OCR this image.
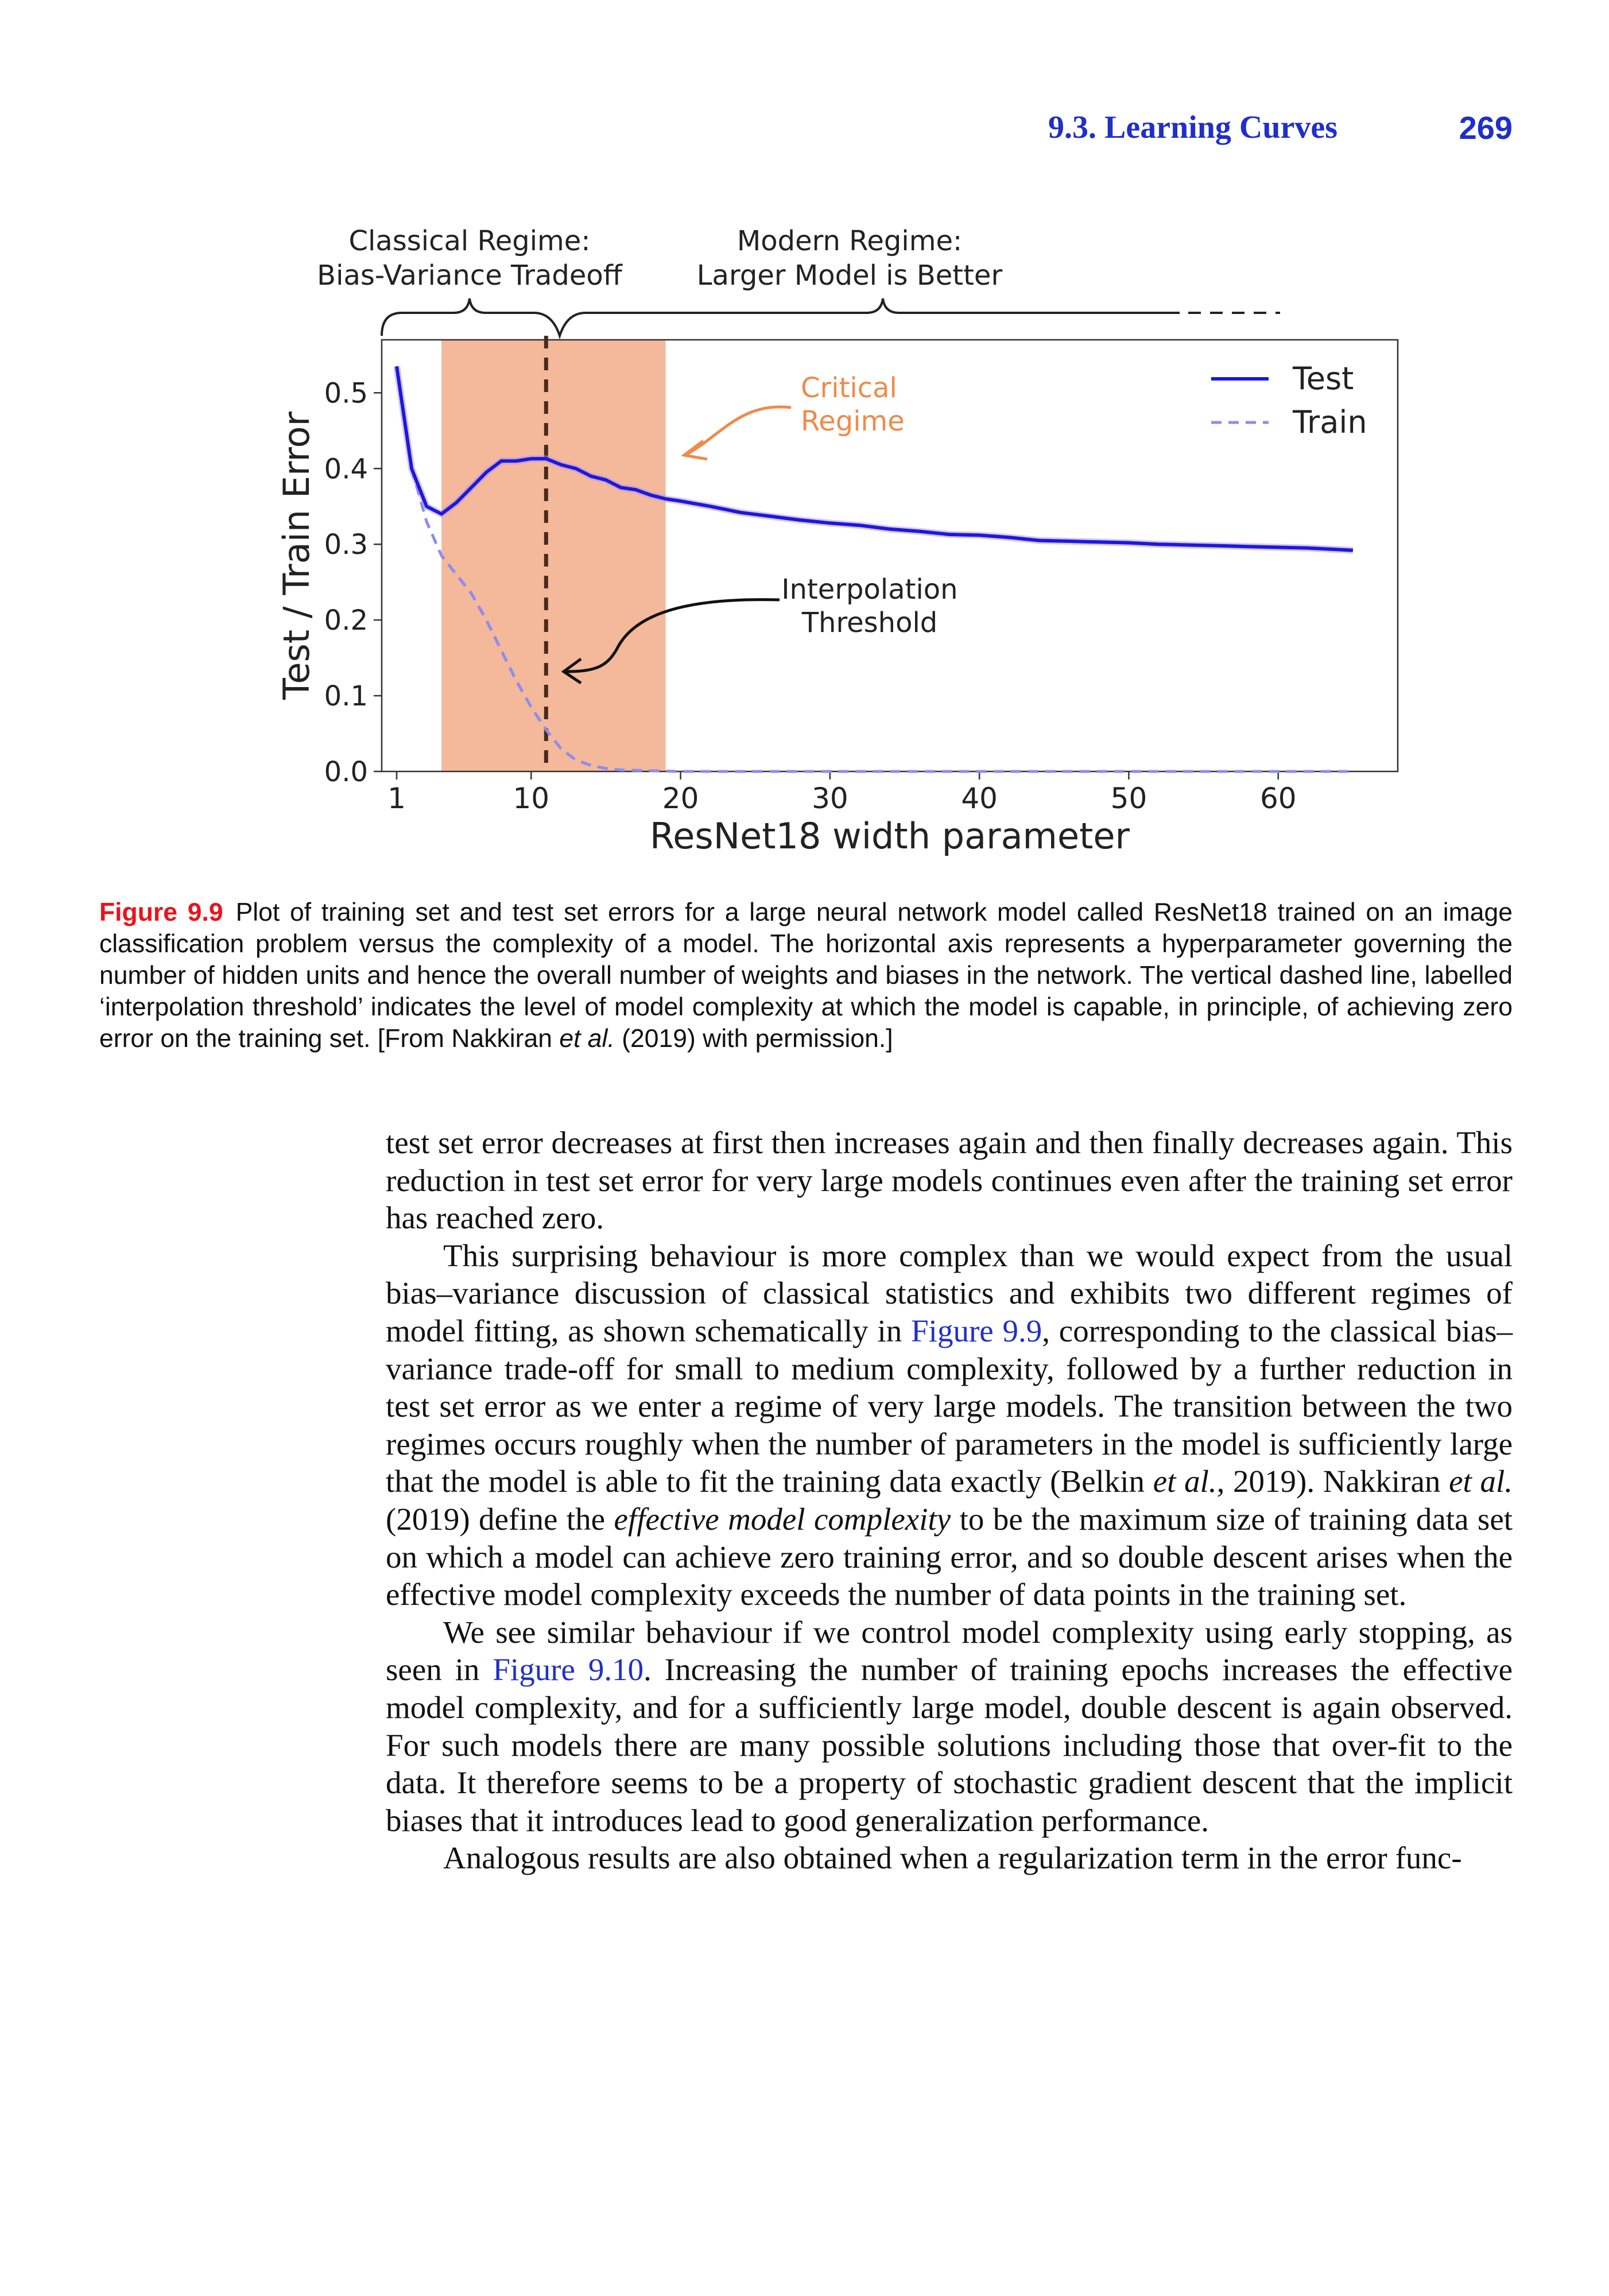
9.3. Learning Curves	269
0.0
0.1
0.2
0.3
0.4
0.5
1	10	20	30	40	50	60
Test
Train
Classical Regime:
Bias-Variance Tradeoff
Modern Regime:
Larger Model is Better
Critical
Regime
Interpolation
Threshold
Test / Train Error
ResNet18 width parameter
Figure 9.9 Plot of training set and test set errors for a large neural network model called ResNet18 trained on an image classification problem versus the complexity of a model. The horizontal axis represents a hyperparameter governing the number of hidden units and hence the overall number of weights and biases in the network. The vertical dashed line, labelled ‘interpolation threshold’ indicates the level of model complexity at which the model is capable, in principle, of achieving zero error on the training set. [From Nakkiran et al. (2019) with permission.]

test set error decreases at first then increases again and then finally decreases again. This reduction in test set error for very large models continues even after the training set error has reached zero.

This surprising behaviour is more complex than we would expect from the usual bias–variance discussion of classical statistics and exhibits two different regimes of model fitting, as shown schematically in Figure 9.9, corresponding to the classical bias–variance trade-off for small to medium complexity, followed by a further reduction in test set error as we enter a regime of very large models. The transition between the two regimes occurs roughly when the number of parameters in the model is sufficiently large that the model is able to fit the training data exactly (Belkin et al., 2019). Nakkiran et al. (2019) define the effective model complexity to be the maximum size of training data set on which a model can achieve zero training error, and so double descent arises when the effective model complexity exceeds the number of data points in the training set.

We see similar behaviour if we control model complexity using early stopping, as seen in Figure 9.10. Increasing the number of training epochs increases the effective model complexity, and for a sufficiently large model, double descent is again observed. For such models there are many possible solutions including those that over-fit to the data. It therefore seems to be a property of stochastic gradient descent that the implicit biases that it introduces lead to good generalization performance.

Analogous results are also obtained when a regularization term in the error func-
